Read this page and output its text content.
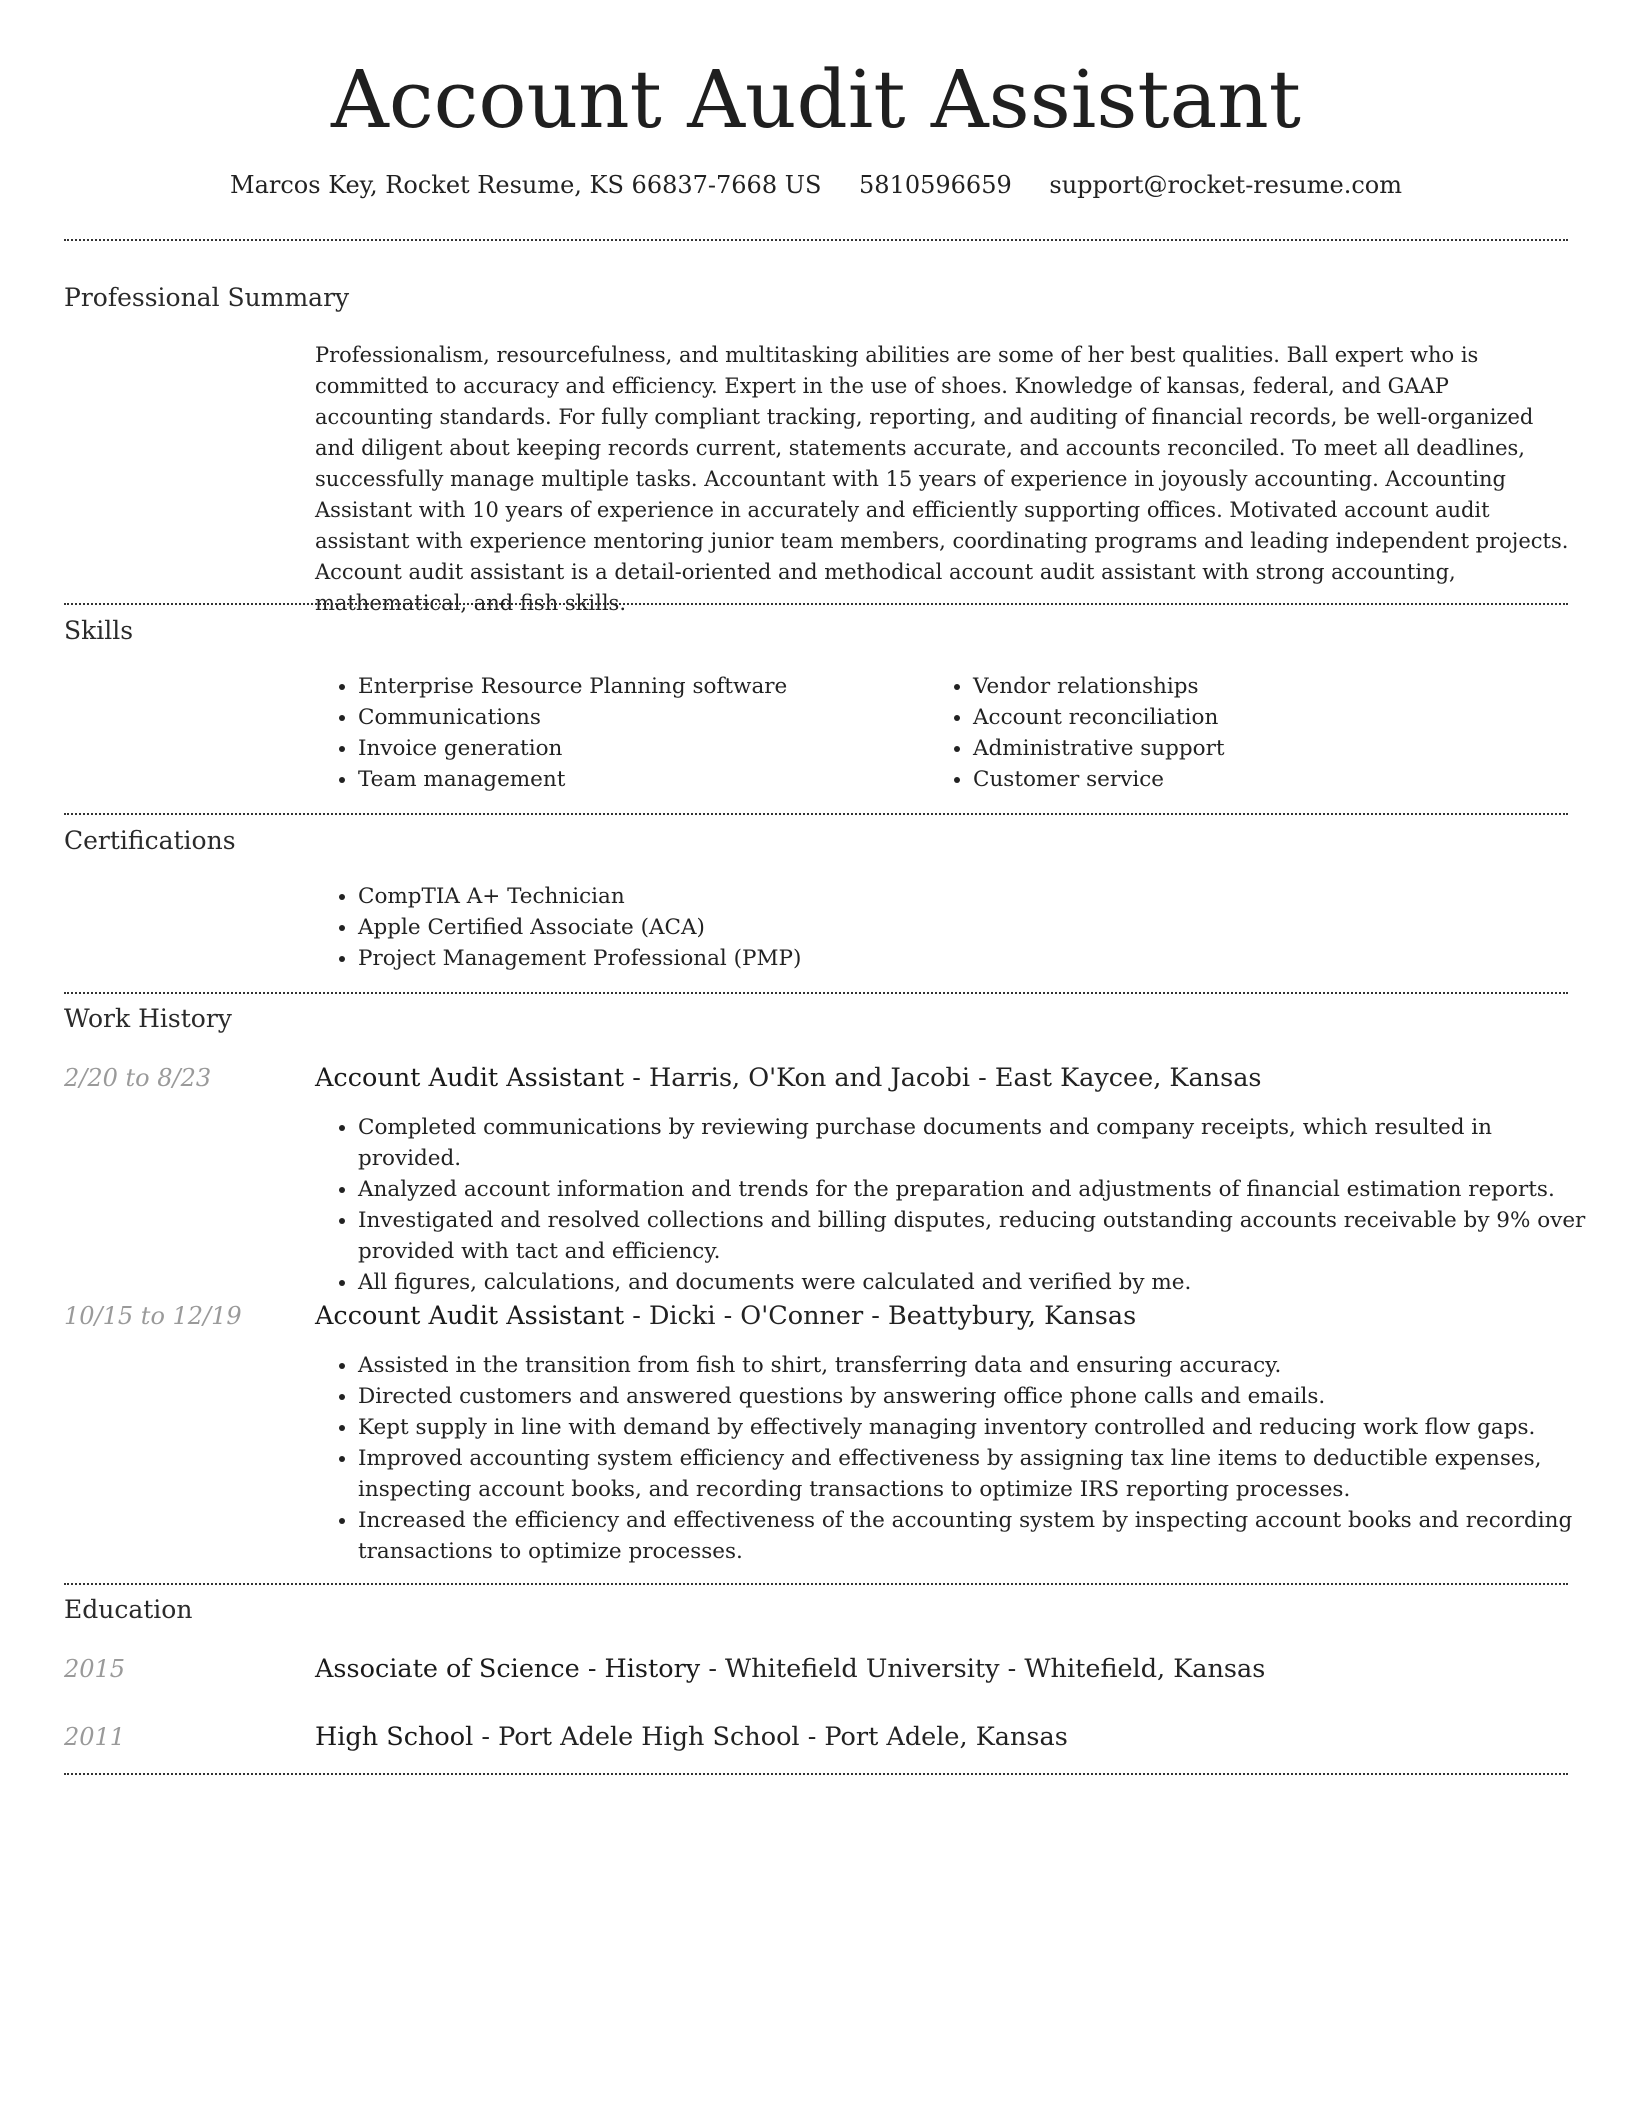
Account Audit Assistant
Marcos Key, Rocket Resume, KS 66837-7668 US 5810596659 support@rocket-resume.com
Professional Summary

Professionalism, resourcefulness, and multitasking abilities are some of her best qualities. Ball expert who is committed to accuracy and efficiency. Expert in the use of shoes. Knowledge of kansas, federal, and GAAP accounting standards. For fully compliant tracking, reporting, and auditing of financial records, be well-organized and diligent about keeping records current, statements accurate, and accounts reconciled. To meet all deadlines, successfully manage multiple tasks. Accountant with 15 years of experience in joyously accounting. Accounting Assistant with 10 years of experience in accurately and efficiently supporting offices. Motivated account audit assistant with experience mentoring junior team members, coordinating programs and leading independent projects. Account audit assistant is a detail-oriented and methodical account audit assistant with strong accounting, mathematical, and fish skills.

Skills
• Enterprise Resource Planning software
• Communications
• Invoice generation
• Team management
• Vendor relationships
• Account reconciliation
• Administrative support
• Customer service
Certifications
• CompTIA A+ Technician
• Apple Certified Associate (ACA)
• Project Management Professional (PMP)
Work History
2/20 to 8/23	Account Audit Assistant - Harris, O'Kon and Jacobi - East Kaycee, Kansas
• Completed communications by reviewing purchase documents and company receipts, which resulted in provided.
• Analyzed account information and trends for the preparation and adjustments of financial estimation reports.
• Investigated and resolved collections and billing disputes, reducing outstanding accounts receivable by 9% over provided with tact and efficiency.
• All figures, calculations, and documents were calculated and verified by me.
10/15 to 12/19	Account Audit Assistant - Dicki - O'Conner - Beattybury, Kansas
• Assisted in the transition from fish to shirt, transferring data and ensuring accuracy.
• Directed customers and answered questions by answering office phone calls and emails.
• Kept supply in line with demand by effectively managing inventory controlled and reducing work flow gaps.
• Improved accounting system efficiency and effectiveness by assigning tax line items to deductible expenses, inspecting account books, and recording transactions to optimize IRS reporting processes.
• Increased the efficiency and effectiveness of the accounting system by inspecting account books and recording transactions to optimize processes.
Education
2015	Associate of Science - History - Whitefield University - Whitefield, Kansas
2011	High School - Port Adele High School - Port Adele, Kansas
